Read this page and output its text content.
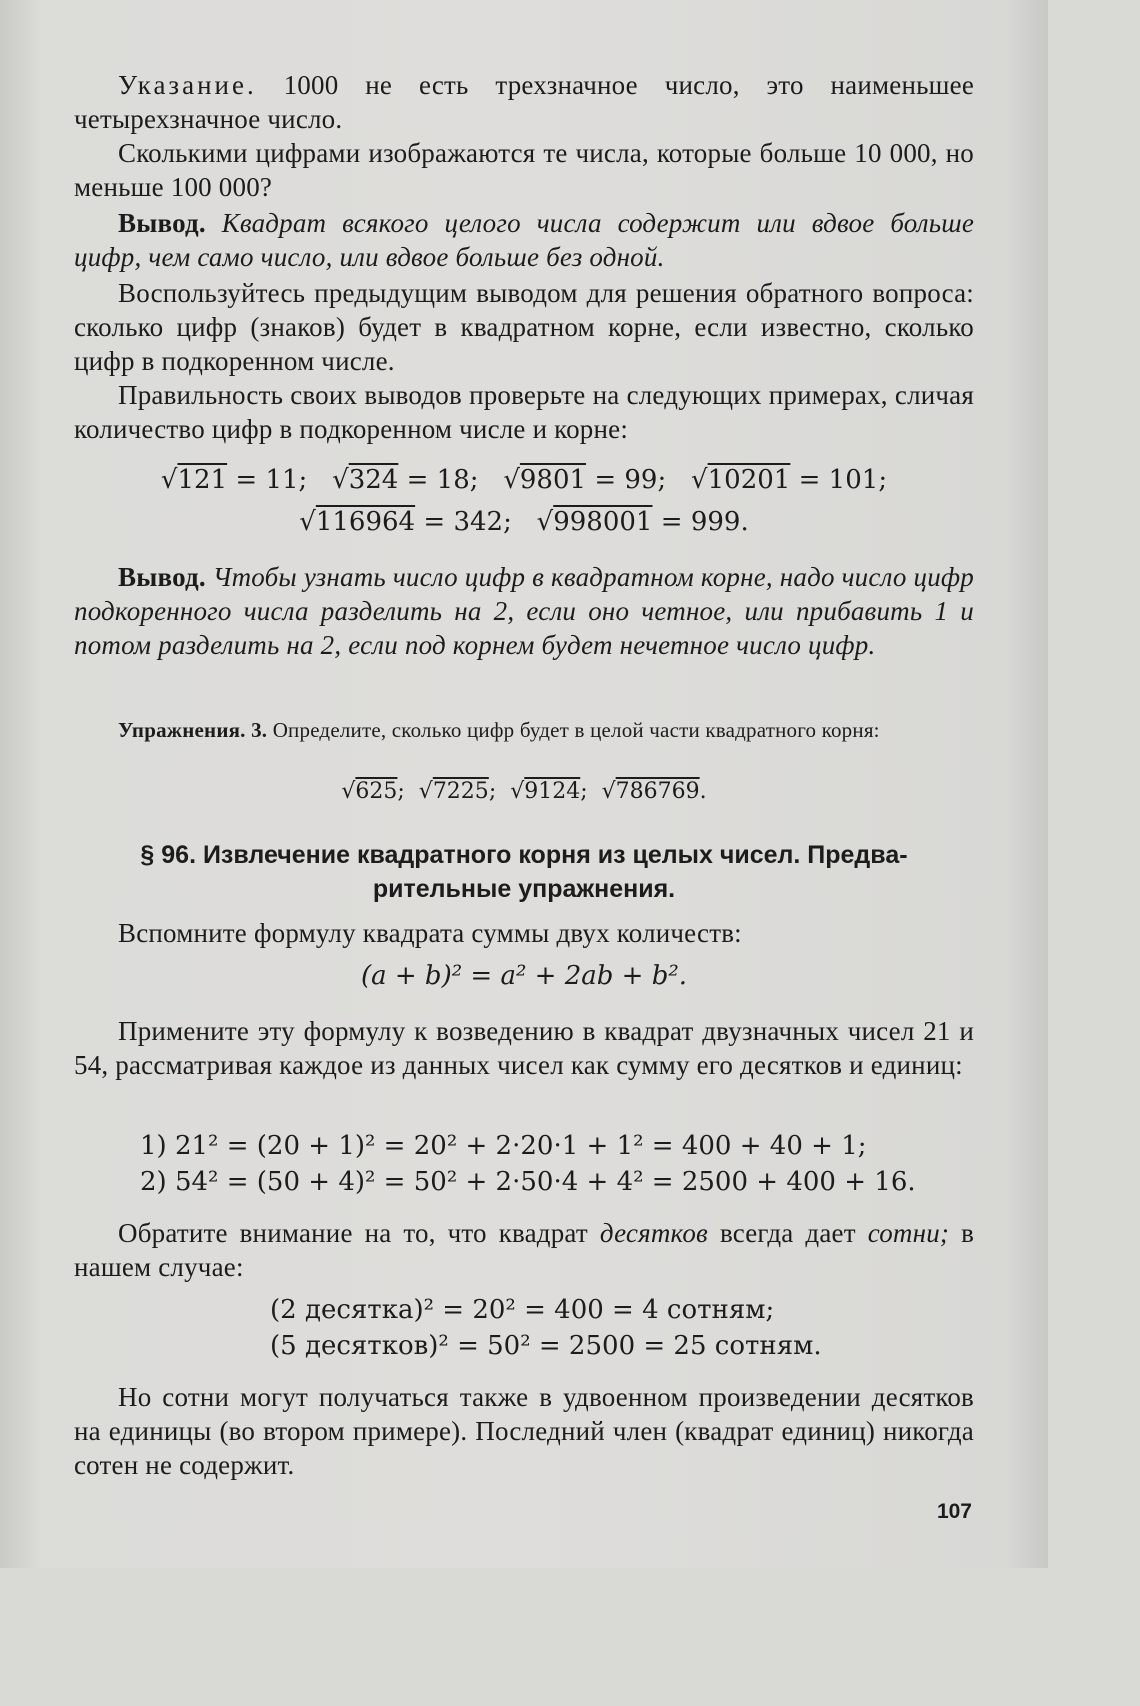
Указание. 1000 не есть трехзначное число, это наименьшее четырехзначное число.
Сколькими цифрами изображаются те числа, которые больше 10 000, но меньше 100 000?
Вывод. Квадрат всякого целого числа содержит или вдвое больше цифр, чем само число, или вдвое больше без одной.
Воспользуйтесь предыдущим выводом для решения обратного вопроса: сколько цифр (знаков) будет в квадратном корне, если известно, сколько цифр в подкоренном числе.
Правильность своих выводов проверьте на следующих примерах, сличая количество цифр в подкоренном числе и корне:
√121 = 11; √324 = 18; √9801 = 99; √10201 = 101;
√116964 = 342; √998001 = 999.
Вывод. Чтобы узнать число цифр в квадратном корне, надо число цифр подкоренного числа разделить на 2, если оно четное, или прибавить 1 и потом разделить на 2, если под корнем будет нечетное число цифр.
Упражнения. 3. Определите, сколько цифр будет в целой части квадратного корня:
√625;  √7225;  √9124;  √786769.
§ 96. Извлечение квадратного корня из целых чисел. Предва-
рительные упражнения.
Вспомните формулу квадрата суммы двух количеств:
(a + b)² = a² + 2ab + b².
Примените эту формулу к возведению в квадрат двузначных чисел 21 и 54, рассматривая каждое из данных чисел как сумму его десятков и единиц:
1) 21² = (20 + 1)² = 20² + 2·20·1 + 1² = 400 + 40 + 1;
2) 54² = (50 + 4)² = 50² + 2·50·4 + 4² = 2500 + 400 + 16.
Обратите внимание на то, что квадрат десятков всегда дает сотни; в нашем случае:
(2 десятка)² = 20² = 400 = 4 сотням;
(5 десятков)² = 50² = 2500 = 25 сотням.
Но сотни могут получаться также в удвоенном произведении десятков на единицы (во втором примере). Последний член (квадрат единиц) никогда сотен не содержит.
107
